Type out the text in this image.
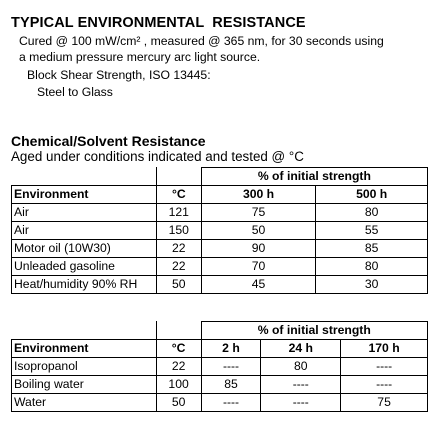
TYPICAL ENVIRONMENTAL  RESISTANCE
Cured @ 100 mW/cm² , measured @ 365 nm, for 30 seconds using
a medium pressure mercury arc light source.
Block Shear Strength, ISO 13445:
Steel to Glass
Chemical/Solvent Resistance
Aged under conditions indicated and tested @ °C
		% of initial strength	
Environment	°C	300 h	500 h
Air	121	75	80
Air	150	50	55
Motor oil (10W30)	22	90	85
Unleaded gasoline	22	70	80
Heat/humidity 90% RH	50	45	30
		% of initial strength		
Environment	°C	2 h	24 h	170 h
Isopropanol	22	----	80	----
Boiling water	100	85	----	----
Water	50	----	----	75
